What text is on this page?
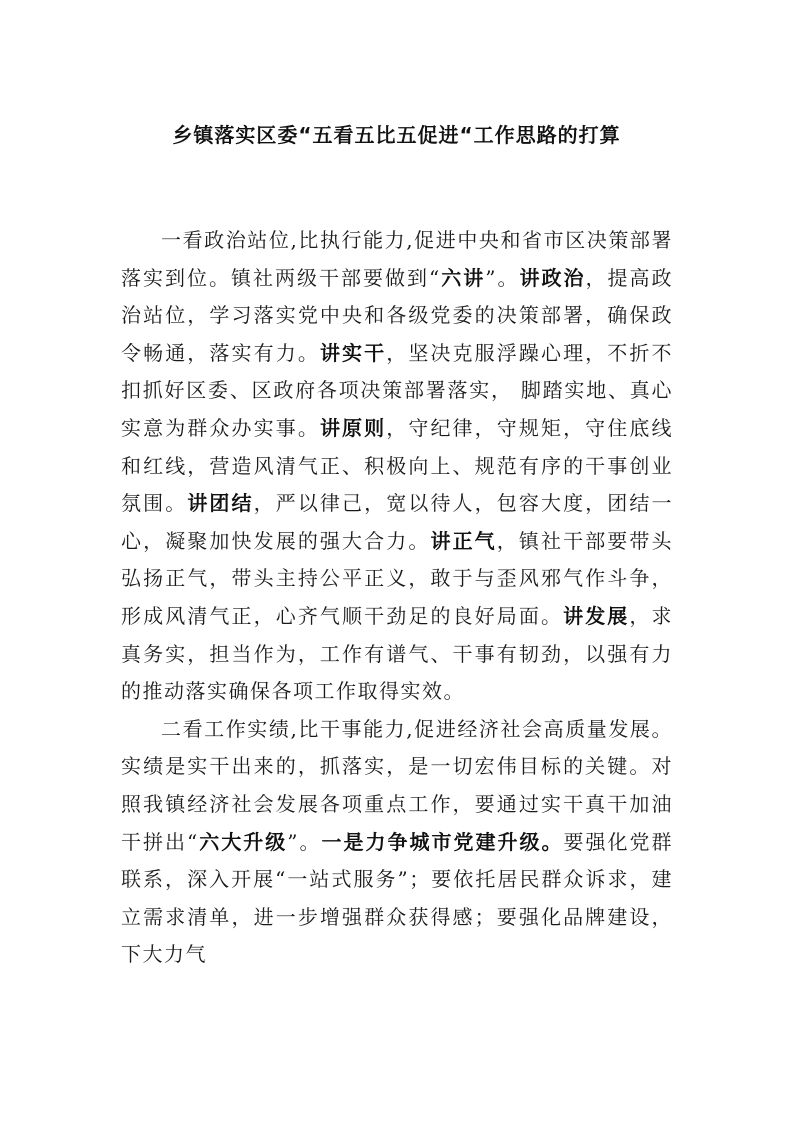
乡镇落实区委“五看五比五促进“工作思路的打算

一看政治站位,比执行能力,促进中央和省市区决策部署落实到位。镇社两级干部要做到“六讲”。讲政治，提高政治站位，学习落实党中央和各级党委的决策部署，确保政令畅通，落实有力。讲实干，坚决克服浮躁心理，不折不扣抓好区委、区政府各项决策部署落实， 脚踏实地、真心实意为群众办实事。讲原则，守纪律，守规矩，守住底线和红线，营造风清气正、积极向上、规范有序的干事创业氛围。讲团结，严以律己，宽以待人，包容大度，团结一心，凝聚加快发展的强大合力。讲正气，镇社干部要带头弘扬正气，带头主持公平正义，敢于与歪风邪气作斗争，形成风清气正，心齐气顺干劲足的良好局面。讲发展，求真务实，担当作为，工作有谱气、干事有韧劲，以强有力的推动落实确保各项工作取得实效。

二看工作实绩,比干事能力,促进经济社会高质量发展。实绩是实干出来的，抓落实，是一切宏伟目标的关键。对照我镇经济社会发展各项重点工作，要通过实干真干加油干拼出“六大升级”。一是力争城市党建升级。要强化党群联系，深入开展“一站式服务”；要依托居民群众诉求，建立需求清单，进一步增强群众获得感；要强化品牌建设，下大力气
